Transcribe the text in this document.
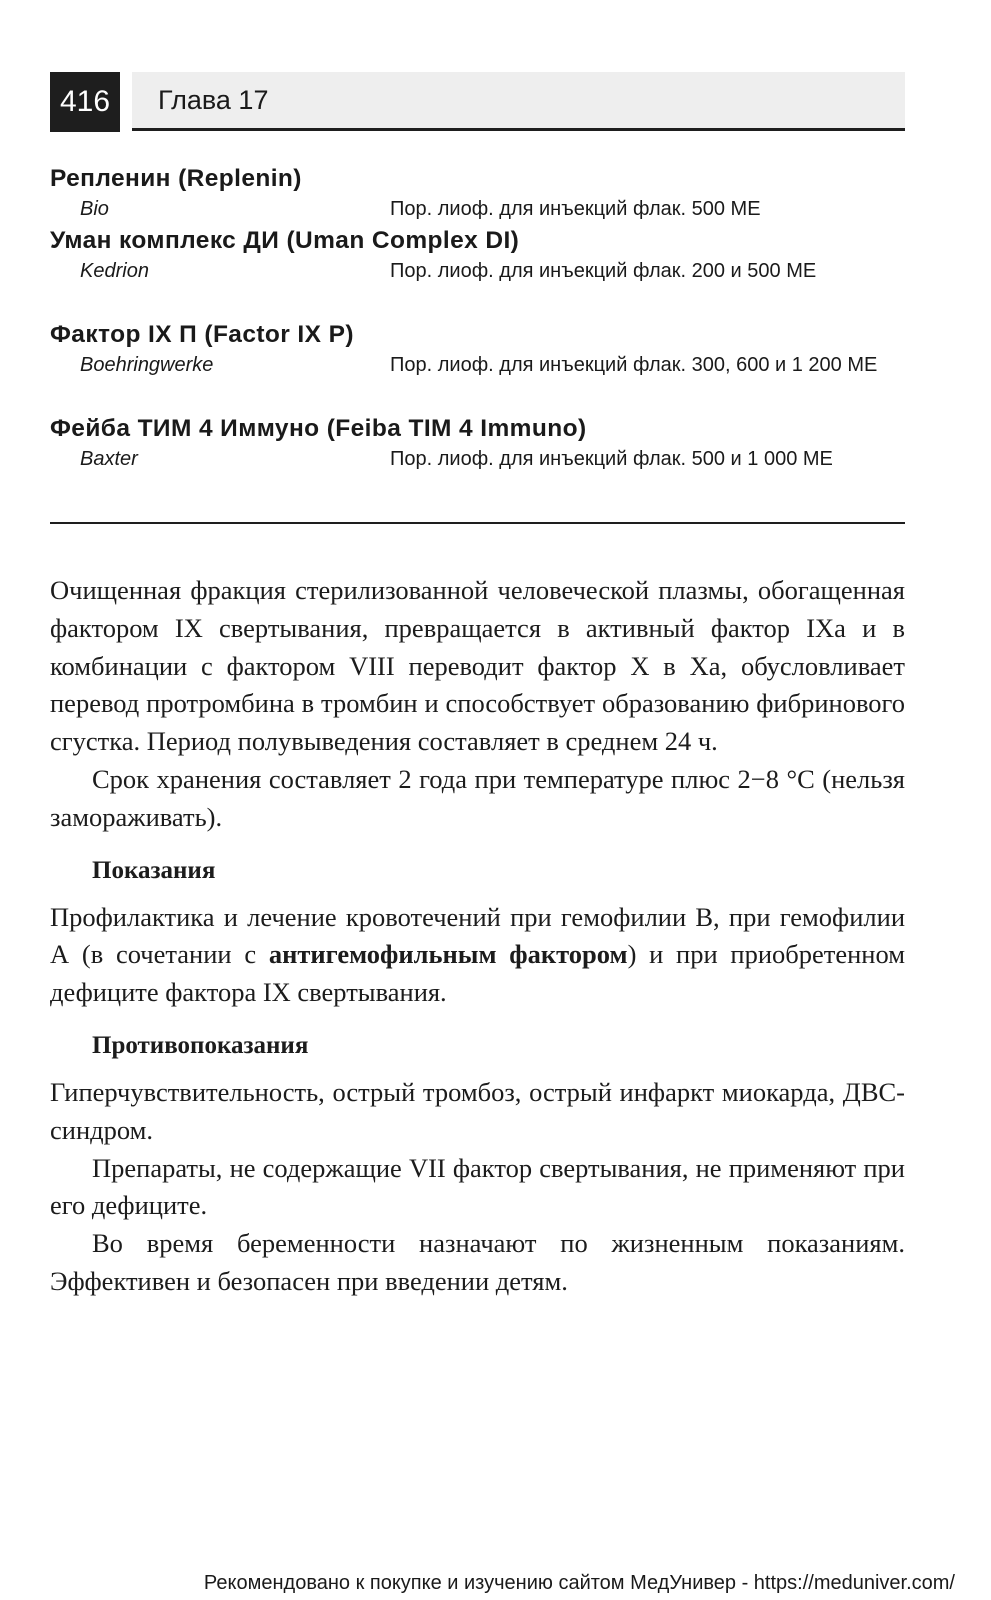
416	Глава 17
Репленин (Replenin)
Bio	Пор. лиоф. для инъекций флак. 500 МЕ
Уман комплекс ДИ (Uman Complex DI)
Kedrion	Пор. лиоф. для инъекций флак. 200 и 500 МЕ
Фактор IX П (Factor IX P)
Boehringwerke	Пор. лиоф. для инъекций флак. 300, 600 и 1 200 МЕ
Фейба ТИМ 4 Иммуно (Feiba TIM 4 Immuno)
Baxter	Пор. лиоф. для инъекций флак. 500 и 1 000 МЕ

Очищенная фракция стерилизованной человеческой плазмы, обогащенная фактором IX свертывания, превращается в активный фактор IXa и в комбинации с фактором VIII переводит фактор X в Xa, обусловливает перевод протромбина в тромбин и способствует образованию фибринового сгустка. Период полувыведения составляет в среднем 24 ч.

Срок хранения составляет 2 года при температуре плюс 2−8 °С (нельзя замораживать).

Показания

Профилактика и лечение кровотечений при гемофилии В, при гемофилии А (в сочетании с антигемофильным фактором) и при приобретенном дефиците фактора IX свертывания.

Противопоказания

Гиперчувствительность, острый тромбоз, острый инфаркт миокарда, ДВС-синдром.

Препараты, не содержащие VII фактор свертывания, не применяют при его дефиците.

Во время беременности назначают по жизненным показаниям. Эффективен и безопасен при введении детям.

Рекомендовано к покупке и изучению сайтом МедУнивер - https://meduniver.com/
